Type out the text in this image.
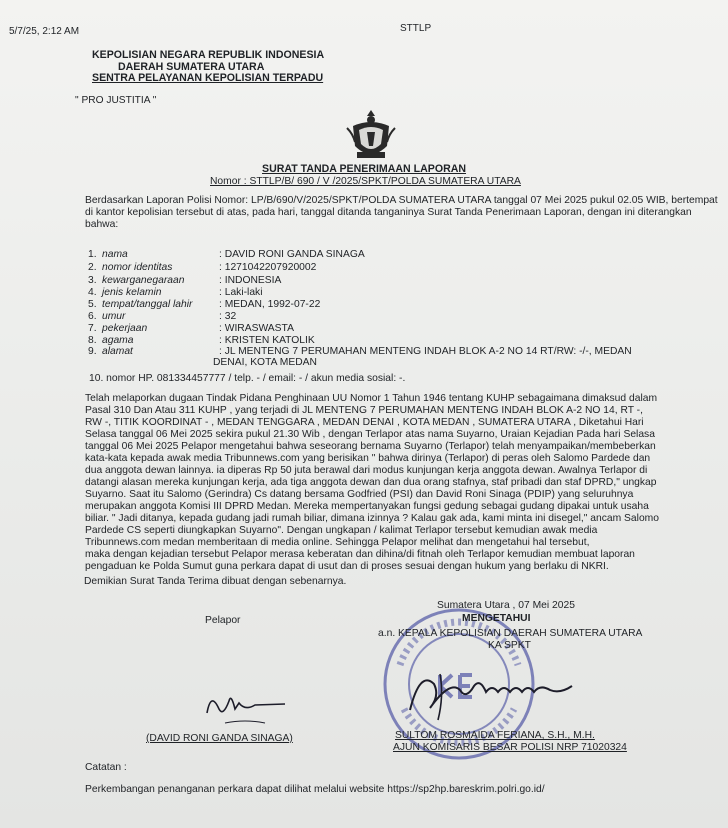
5/7/25, 2:12 AM	STTLP
KEPOLISIAN NEGARA REPUBLIK INDONESIA
DAERAH SUMATERA UTARA
SENTRA PELAYANAN KEPOLISIAN TERPADU
" PRO JUSTITIA "
SURAT TANDA PENERIMAAN LAPORAN
Nomor : STTLP/B/ 690 / V /2025/SPKT/POLDA SUMATERA UTARA
Berdasarkan Laporan Polisi Nomor: LP/B/690/V/2025/SPKT/POLDA SUMATERA UTARA tanggal 07 Mei 2025 pukul 02.05 WIB, bertempat di kantor kepolisian tersebut di atas, pada hari, tanggal ditanda tanganinya Surat Tanda Penerimaan Laporan, dengan ini diterangkan bahwa:
1. nama	: DAVID RONI GANDA SINAGA
2. nomor identitas	: 1271042207920002
3. kewarganegaraan	: INDONESIA
4. jenis kelamin	: Laki-laki
5. tempat/tanggal lahir	: MEDAN, 1992-07-22
6. umur	: 32
7. pekerjaan	: WIRASWASTA
8. agama	: KRISTEN KATOLIK
9. alamat	: JL MENTENG 7 PERUMAHAN MENTENG INDAH BLOK A-2 NO 14 RT/RW: -/-, MEDAN
DENAI, KOTA MEDAN
10. nomor HP. 081334457777 / telp. - / email: - / akun media sosial: -.
Telah melaporkan dugaan Tindak Pidana Penghinaan UU Nomor 1 Tahun 1946 tentang KUHP sebagaimana dimaksud dalam
Pasal 310 Dan Atau 311 KUHP , yang terjadi di JL MENTENG 7 PERUMAHAN MENTENG INDAH BLOK A-2 NO 14, RT -,
RW -, TITIK KOORDINAT - , MEDAN TENGGARA , MEDAN DENAI , KOTA MEDAN , SUMATERA UTARA , Diketahui Hari
Selasa tanggal 06 Mei 2025 sekira pukul 21.30 Wib , dengan Terlapor atas nama Suyarno, Uraian Kejadian Pada hari Selasa
tanggal 06 Mei 2025 Pelapor mengetahui bahwa seseorang bernama Suyarno (Terlapor) telah menyampaikan/membeberkan
kata-kata kepada awak media Tribunnews.com yang berisikan " bahwa dirinya (Terlapor) di peras oleh Salomo Pardede dan
dua anggota dewan lainnya. ia diperas Rp 50 juta berawal dari modus kunjungan kerja anggota dewan. Awalnya Terlapor di
datangi alasan mereka kunjungan kerja, ada tiga anggota dewan dan dua orang stafnya, staf pribadi dan staf DPRD," ungkap
Suyarno. Saat itu Salomo (Gerindra) Cs datang bersama Godfried (PSI) dan David Roni Sinaga (PDIP) yang seluruhnya
merupakan anggota Komisi III DPRD Medan. Mereka mempertanyakan fungsi gedung sebagai gudang dipakai untuk usaha
biliar. " Jadi ditanya, kepada gudang jadi rumah biliar, dimana izinnya ? Kalau gak ada, kami minta ini disegel," ancam Salomo
Pardede CS seperti diungkapkan Suyarno". Dengan ungkapan / kalimat Terlapor tersebut kemudian awak media
Tribunnews.com medan memberitaan di media online. Sehingga Pelapor melihat dan mengetahui hal tersebut,
maka dengan kejadian tersebut Pelapor merasa keberatan dan dihina/di fitnah oleh Terlapor kemudian membuat laporan
pengaduan ke Polda Sumut guna perkara dapat di usut dan di proses sesuai dengan hukum yang berlaku di NKRI.
Demikian Surat Tanda Terima dibuat dengan sebenarnya.
Sumatera Utara , 07 Mei 2025
MENGETAHUI
a.n. KEPALA KEPOLISIAN DAERAH SUMATERA UTARA
KA SPKT
Pelapor
(DAVID RONI GANDA SINAGA)	SULTOM ROSMAIDA FERIANA, S.H., M.H.
AJUN KOMISARIS BESAR POLISI NRP 71020324
Catatan :
Perkembangan penanganan perkara dapat dilihat melalui website https://sp2hp.bareskrim.polri.go.id/
